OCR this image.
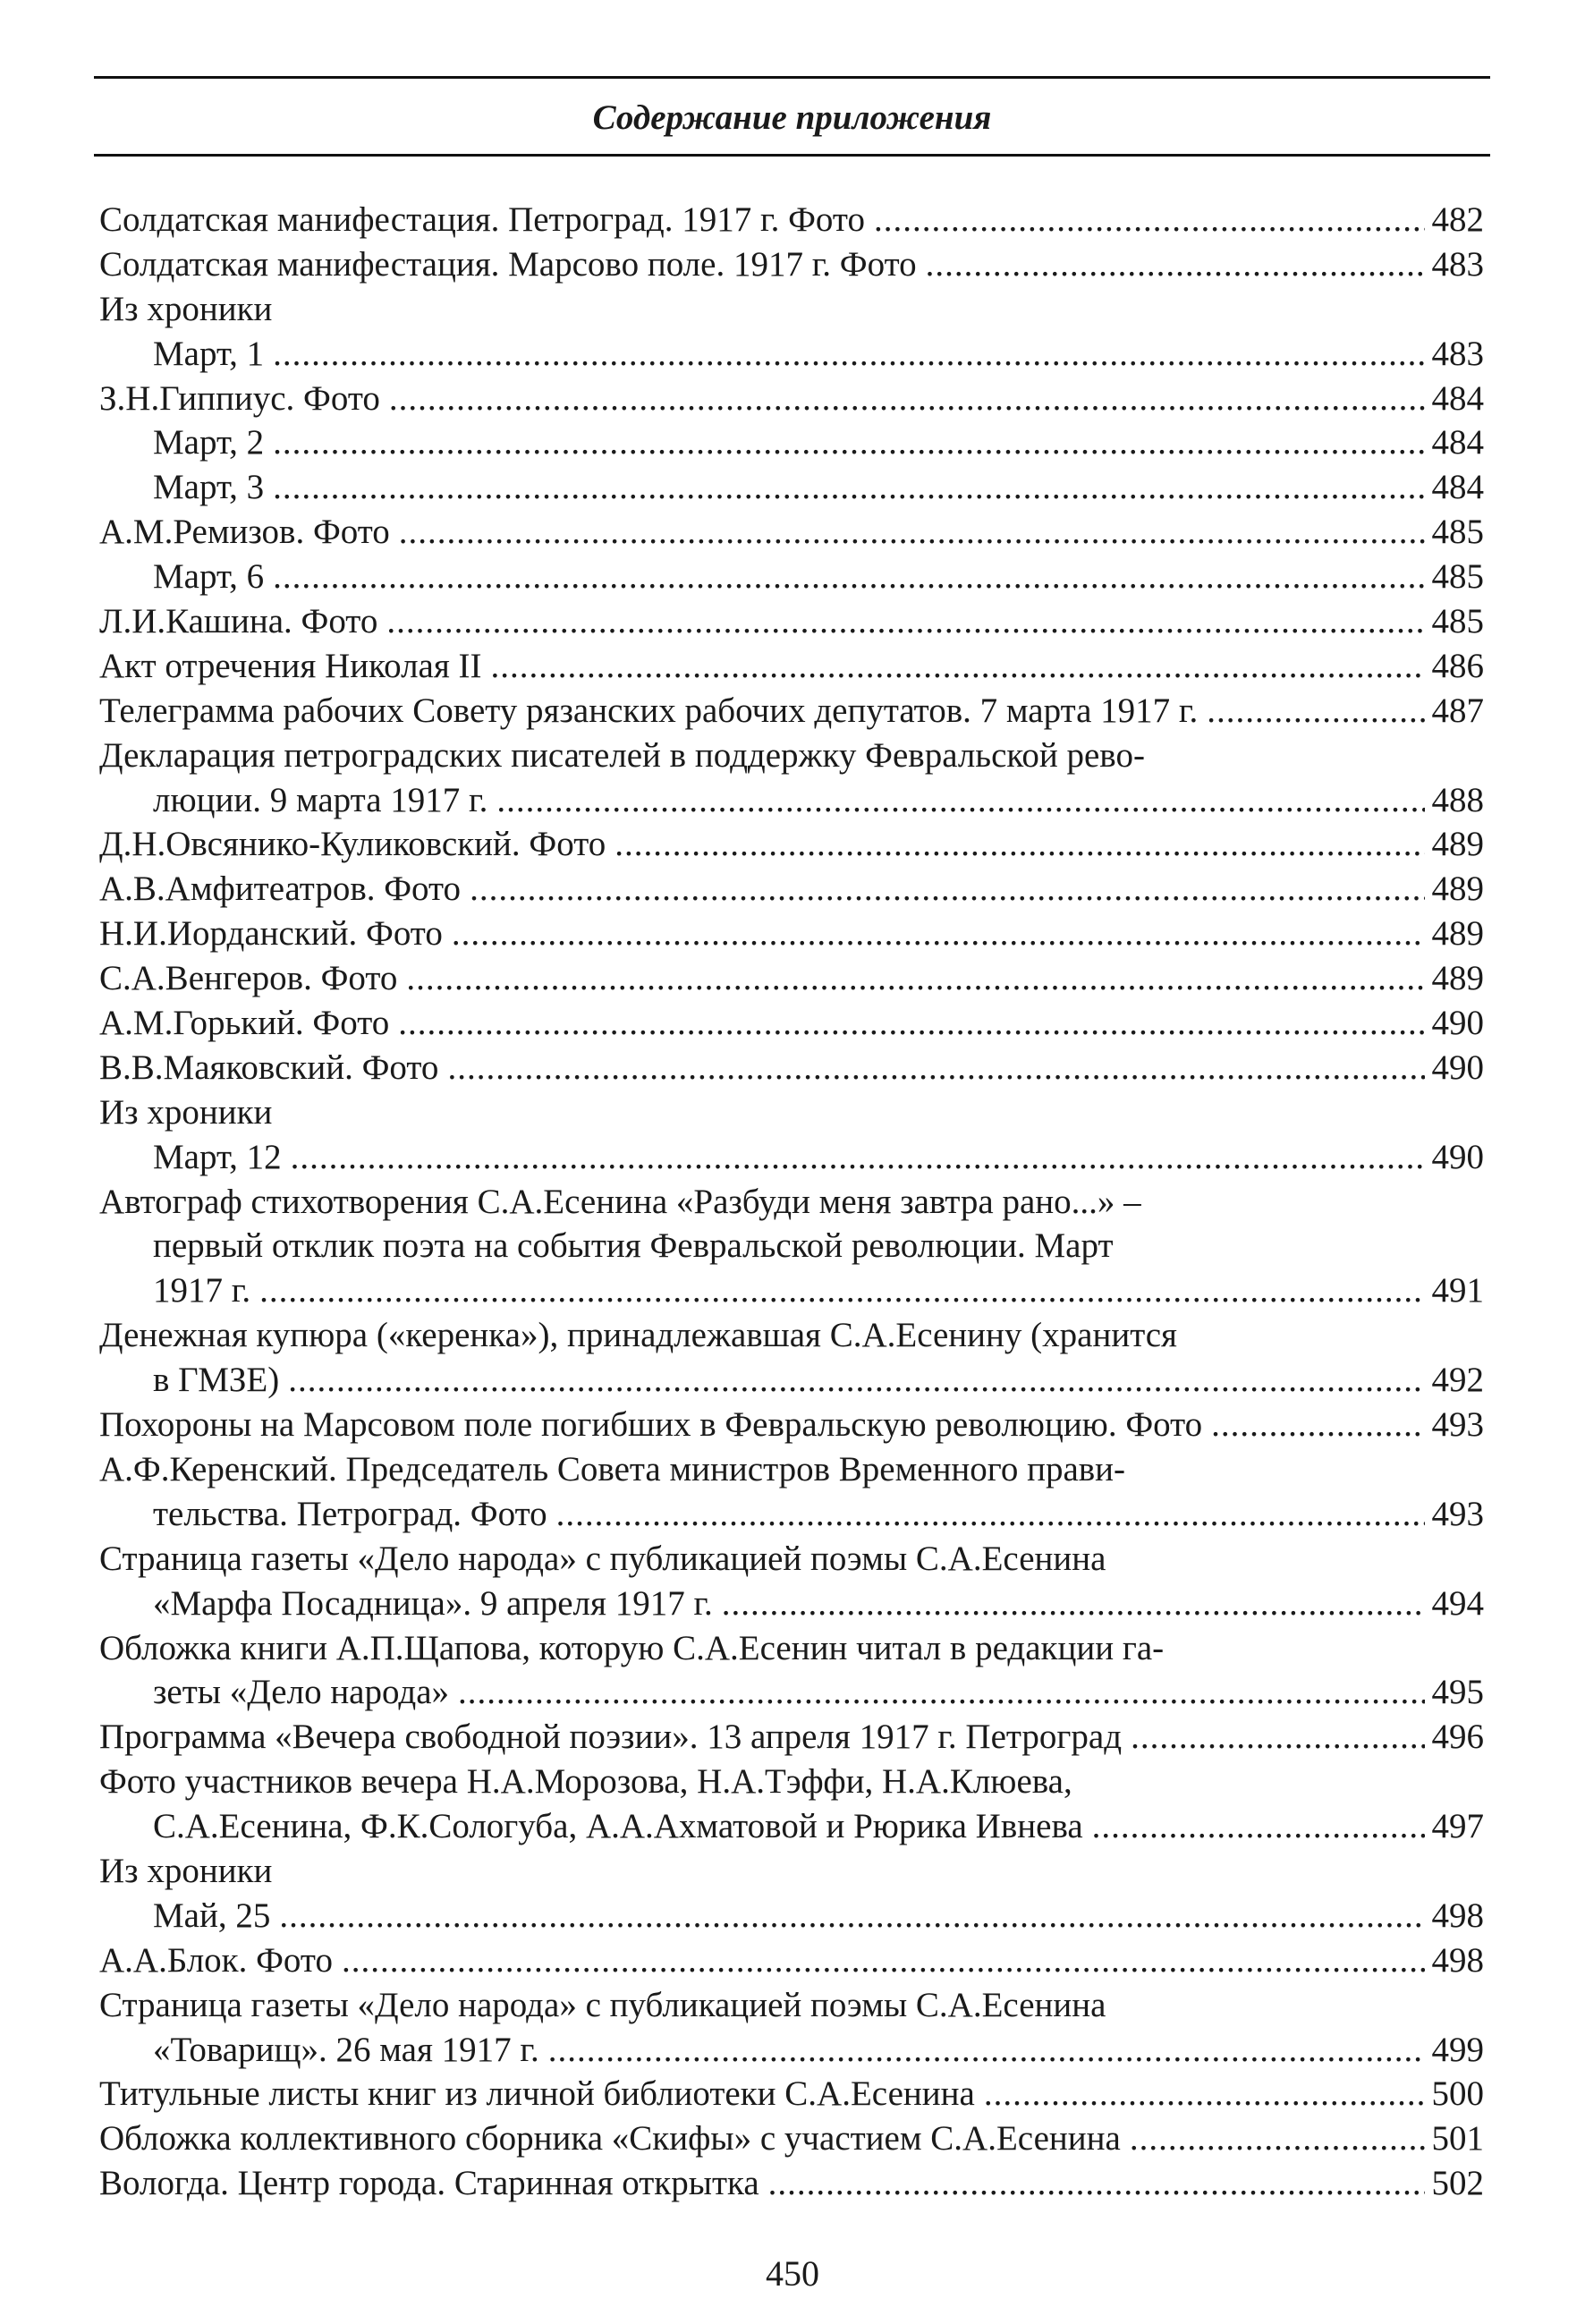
Содержание приложения
Солдатская манифестация. Петроград. 1917 г. Фото .....	482
Солдатская манифестация. Марсово поле. 1917 г. Фото .....	483
Из хроники
Март, 1 .....	483
З.Н.Гиппиус. Фото .....	484
Март, 2 .....	484
Март, 3 .....	484
А.М.Ремизов. Фото .....	485
Март, 6 .....	485
Л.И.Кашина. Фото .....	485
Акт отречения Николая II .....	486
Телеграмма рабочих Совету рязанских рабочих депутатов. 7 марта 1917 г. .....	487
Декларация петроградских писателей в поддержку Февральской рево-
люции. 9 марта 1917 г. .....	488
Д.Н.Овсянико-Куликовский. Фото .....	489
А.В.Амфитеатров. Фото .....	489
Н.И.Иорданский. Фото .....	489
С.А.Венгеров. Фото .....	489
А.М.Горький. Фото .....	490
В.В.Маяковский. Фото .....	490
Из хроники
Март, 12 .....	490
Автограф стихотворения С.А.Есенина «Разбуди меня завтра рано...» –
первый отклик поэта на события Февральской революции. Март
1917 г. .....	491
Денежная купюра («керенка»), принадлежавшая С.А.Есенину (хранится
в ГМЗЕ) .....	492
Похороны на Марсовом поле погибших в Февральскую революцию. Фото .....	493
А.Ф.Керенский. Председатель Совета министров Временного прави-
тельства. Петроград. Фото .....	493
Страница газеты «Дело народа» с публикацией поэмы С.А.Есенина
«Марфа Посадница». 9 апреля 1917 г. .....	494
Обложка книги А.П.Щапова, которую С.А.Есенин читал в редакции га-
зеты «Дело народа» .....	495
Программа «Вечера свободной поэзии». 13 апреля 1917 г. Петроград .....	496
Фото участников вечера Н.А.Морозова, Н.А.Тэффи, Н.А.Клюева,
С.А.Есенина, Ф.К.Сологуба, А.А.Ахматовой и Рюрика Ивнева .....	497
Из хроники
Май, 25 .....	498
А.А.Блок. Фото .....	498
Страница газеты «Дело народа» с публикацией поэмы С.А.Есенина
«Товарищ». 26 мая 1917 г. .....	499
Титульные листы книг из личной библиотеки С.А.Есенина .....	500
Обложка коллективного сборника «Скифы» с участием С.А.Есенина .....	501
Вологда. Центр города. Старинная открытка .....	502
450
